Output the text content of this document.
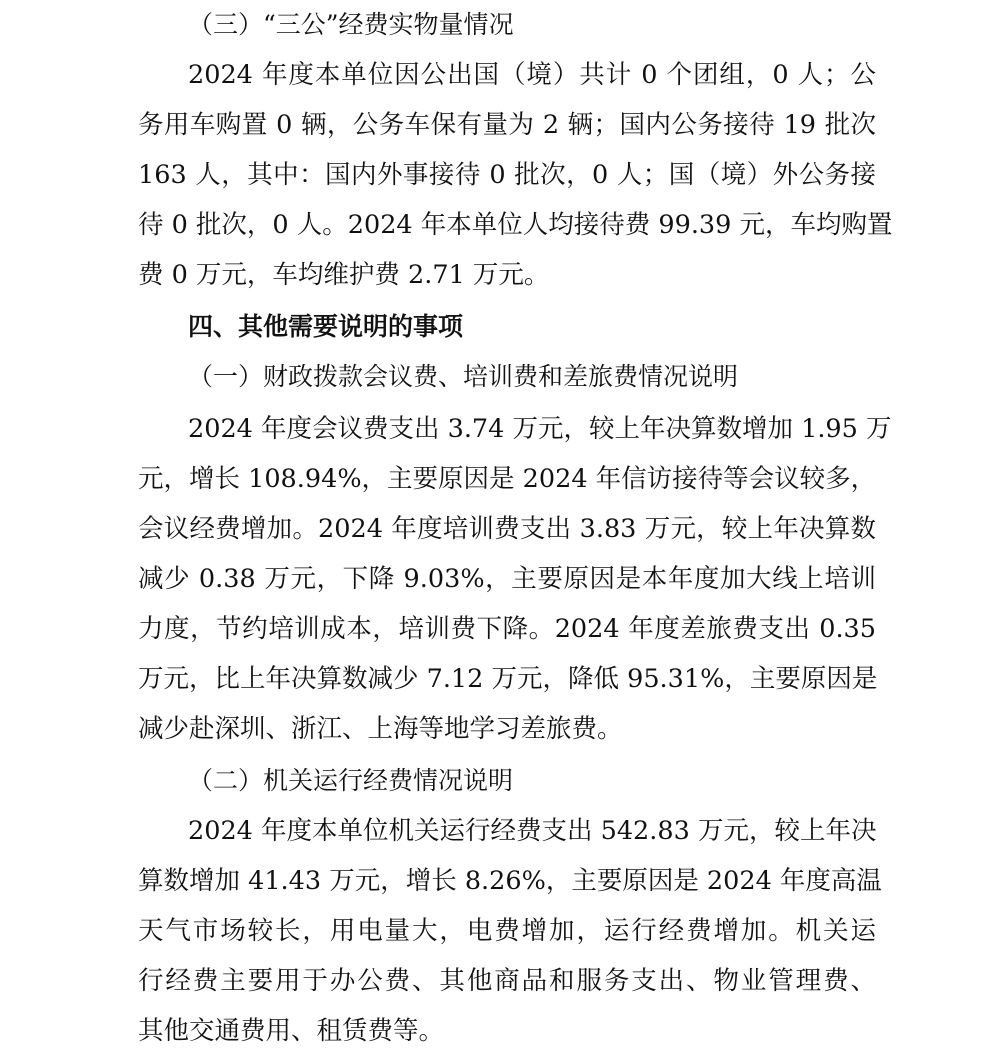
（三）“三公”经费实物量情况
2024 年度本单位因公出国（境）共计 0 个团组，0 人；公
务用车购置 0 辆，公务车保有量为 2 辆；国内公务接待 19 批次
163 人，其中：国内外事接待 0 批次，0 人；国（境）外公务接
待 0 批次，0 人。2024 年本单位人均接待费 99.39 元，车均购置
费 0 万元，车均维护费 2.71 万元。
四、其他需要说明的事项
（一）财政拨款会议费、培训费和差旅费情况说明
2024 年度会议费支出 3.74 万元，较上年决算数增加 1.95 万
元，增长 108.94%，主要原因是 2024 年信访接待等会议较多，
会议经费增加。2024 年度培训费支出 3.83 万元，较上年决算数
减少 0.38 万元，下降 9.03%，主要原因是本年度加大线上培训
力度，节约培训成本，培训费下降。2024 年度差旅费支出 0.35
万元，比上年决算数减少 7.12 万元，降低 95.31%，主要原因是
减少赴深圳、浙江、上海等地学习差旅费。
（二）机关运行经费情况说明
2024 年度本单位机关运行经费支出 542.83 万元，较上年决
算数增加 41.43 万元，增长 8.26%，主要原因是 2024 年度高温
天气市场较长，用电量大，电费增加，运行经费增加。机关运
行经费主要用于办公费、其他商品和服务支出、物业管理费、
其他交通费用、租赁费等。
